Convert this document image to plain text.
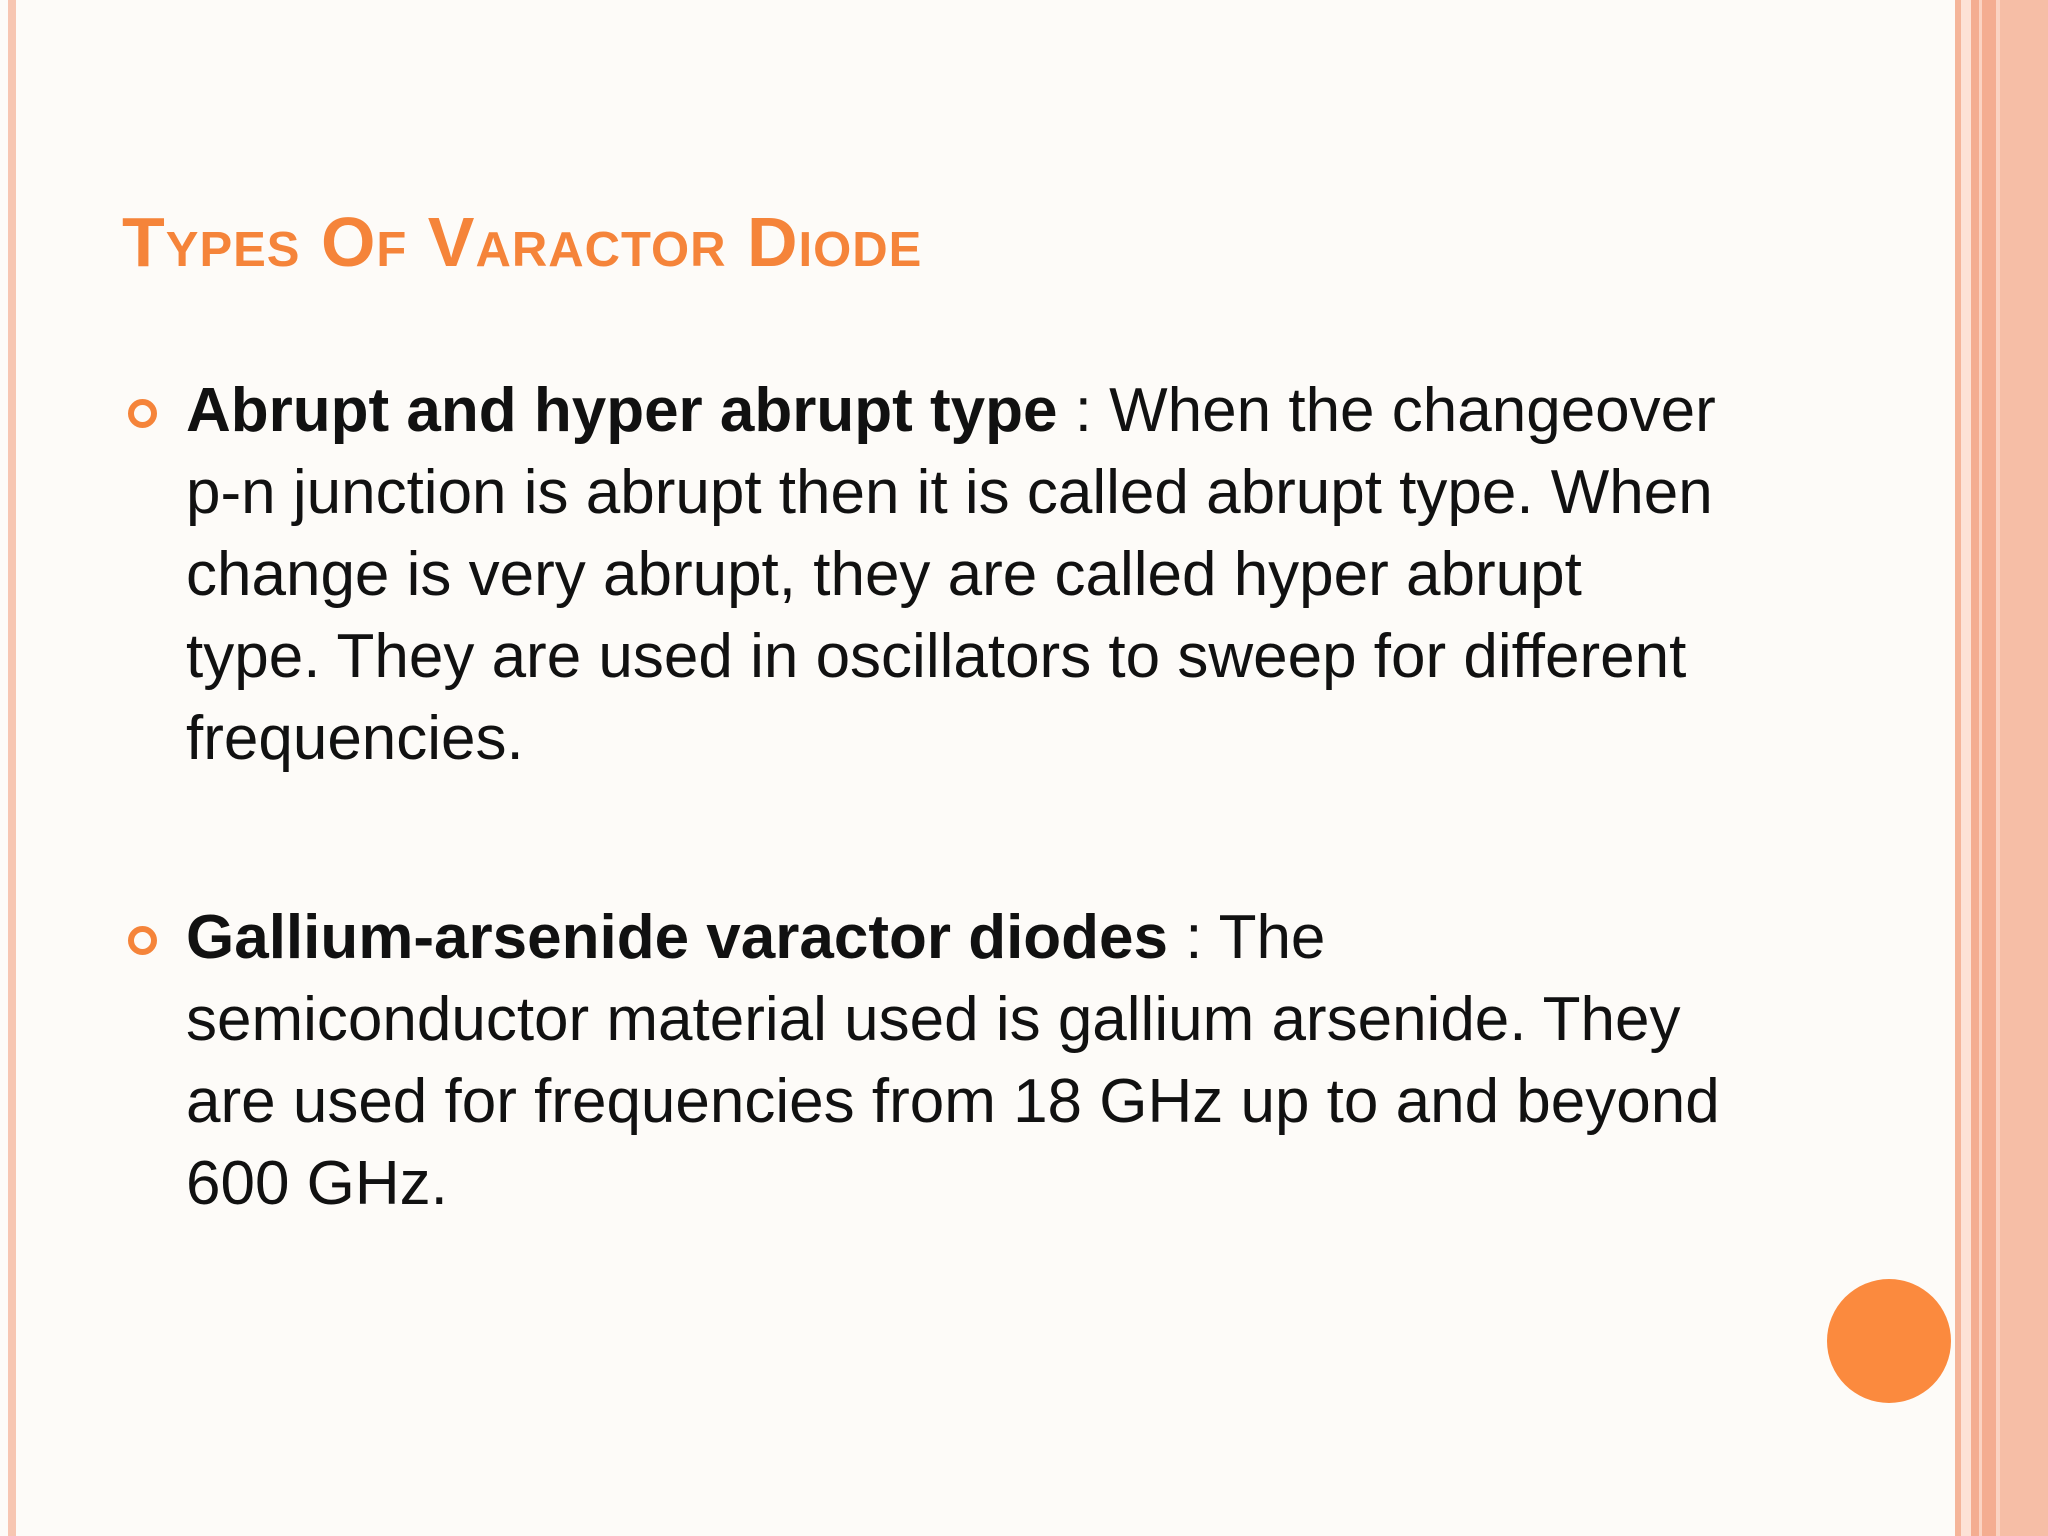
Types Of Varactor Diode
Abrupt and hyper abrupt type : When the changeover p-n junction is abrupt then it is called abrupt type. When change is very abrupt, they are called hyper abrupt type. They are used in oscillators to sweep for different frequencies.
Gallium-arsenide varactor diodes : The semiconductor material used is gallium arsenide. They are used for frequencies from 18 GHz up to and beyond 600 GHz.
